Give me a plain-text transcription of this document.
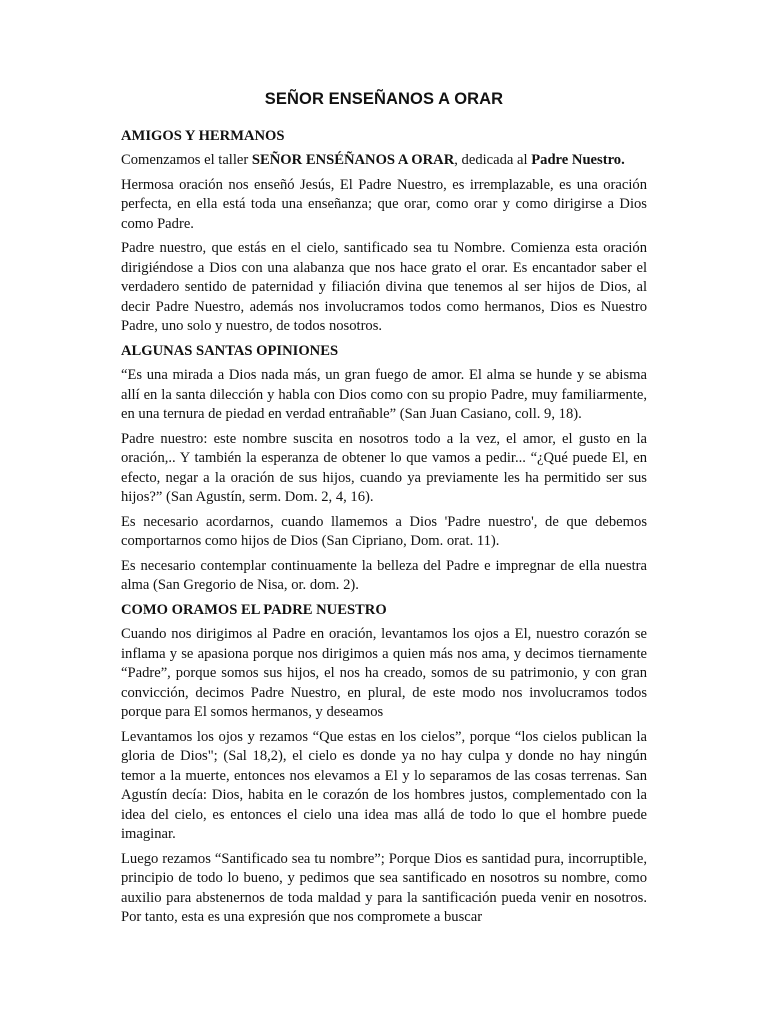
SEÑOR ENSEÑANOS A ORAR
AMIGOS Y HERMANOS

Comenzamos el taller SEÑOR ENSÉÑANOS A ORAR, dedicada al Padre Nuestro.

Hermosa oración nos enseñó Jesús, El Padre Nuestro, es irremplazable, es una oración perfecta, en ella está toda una enseñanza; que orar, como orar y como dirigirse a Dios como Padre.

Padre nuestro, que estás en el cielo, santificado sea tu Nombre. Comienza esta oración dirigiéndose a Dios con una alabanza que nos hace grato el orar. Es encantador saber el verdadero sentido de paternidad y filiación divina que tenemos al ser hijos de Dios, al decir Padre Nuestro, además nos involucramos todos como hermanos, Dios es Nuestro Padre, uno solo y nuestro, de todos nosotros.

ALGUNAS SANTAS OPINIONES

“Es una mirada a Dios nada más, un gran fuego de amor. El alma se hunde y se abisma allí en la santa dilección y habla con Dios como con su propio Padre, muy familiarmente, en una ternura de piedad en verdad entrañable” (San Juan Casiano, coll. 9, 18).

Padre nuestro: este nombre suscita en nosotros todo a la vez, el amor, el gusto en la oración,.. Y también la esperanza de obtener lo que vamos a pedir... “¿Qué puede El, en efecto, negar a la oración de sus hijos, cuando ya previamente les ha permitido ser sus hijos?” (San Agustín, serm. Dom. 2, 4, 16).

Es necesario acordarnos, cuando llamemos a Dios 'Padre nuestro', de que debemos comportarnos como hijos de Dios (San Cipriano, Dom. orat. 11).

Es necesario contemplar continuamente la belleza del Padre e impregnar de ella nuestra alma (San Gregorio de Nisa, or. dom. 2).

COMO ORAMOS EL PADRE NUESTRO

Cuando nos dirigimos al Padre en oración, levantamos los ojos a El, nuestro corazón se inflama y se apasiona porque nos dirigimos a quien más nos ama, y decimos tiernamente “Padre”, porque somos sus hijos, el nos ha creado, somos de su patrimonio, y con gran convicción, decimos Padre Nuestro, en plural, de este modo nos involucramos todos porque para El somos hermanos, y deseamos

Levantamos los ojos y rezamos “Que estas en los cielos”, porque “los cielos publican la gloria de Dios"; (Sal 18,2), el cielo es donde ya no hay culpa y donde no hay ningún temor a la muerte, entonces nos elevamos a El y lo separamos de las cosas terrenas. San Agustín decía: Dios, habita en le corazón de los hombres justos, complementado con la idea del cielo, es entonces el cielo una idea mas allá de todo lo que el hombre puede imaginar.

Luego rezamos “Santificado sea tu nombre”; Porque Dios es santidad pura, incorruptible, principio de todo lo bueno, y pedimos que sea santificado en nosotros su nombre, como auxilio para abstenernos de toda maldad y para la santificación pueda venir en nosotros. Por tanto, esta es una expresión que nos compromete a buscar
